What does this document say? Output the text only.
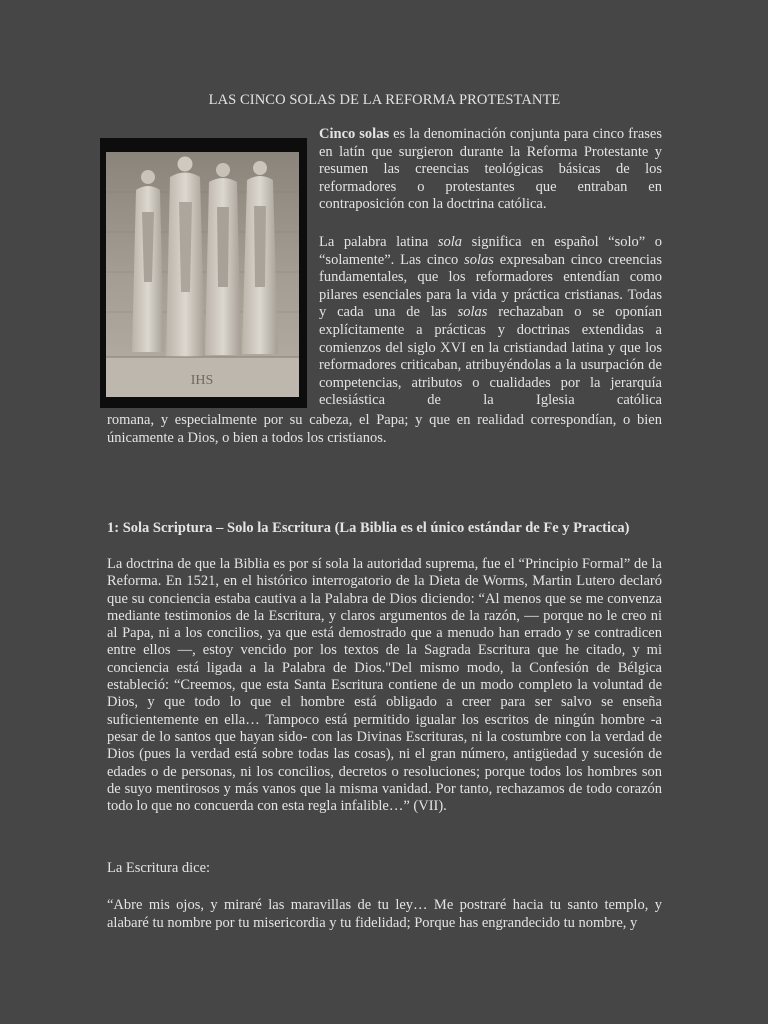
LAS CINCO SOLAS DE LA REFORMA PROTESTANTE
IHS

Cinco solas es la denominación conjunta para cinco frases en latín que surgieron durante la Reforma Protestante y resumen las creencias teológicas básicas de los reformadores o protestantes que entraban en contraposición con la doctrina católica.

La palabra latina sola significa en español “solo” o “solamente”. Las cinco solas expresaban cinco creencias fundamentales, que los reformadores entendían como pilares esenciales para la vida y práctica cristianas. Todas y cada una de las solas rechazaban o se oponían explícitamente a prácticas y doctrinas extendidas a comienzos del siglo XVI en la cristiandad latina y que los reformadores criticaban, atribuyéndolas a la usurpación de competencias, atributos o cualidades por la jerarquía eclesiástica de la Iglesia católica

romana, y especialmente por su cabeza, el Papa; y que en realidad correspondían, o bien únicamente a Dios, o bien a todos los cristianos.

1: Sola Scriptura – Solo la Escritura (La Biblia es el único estándar de Fe y Practica)

La doctrina de que la Biblia es por sí sola la autoridad suprema, fue el “Principio Formal” de la Reforma. En 1521, en el histórico interrogatorio de la Dieta de Worms, Martin Lutero declaró que su conciencia estaba cautiva a la Palabra de Dios diciendo: “Al menos que se me convenza mediante testimonios de la Escritura, y claros argumentos de la razón, — porque no le creo ni al Papa, ni a los concilios, ya que está demostrado que a menudo han errado y se contradicen entre ellos —, estoy vencido por los textos de la Sagrada Escritura que he citado, y mi conciencia está ligada a la Palabra de Dios."Del mismo modo, la Confesión de Bélgica estableció: “Creemos, que esta Santa Escritura contiene de un modo completo la voluntad de Dios, y que todo lo que el hombre está obligado a creer para ser salvo se enseña suficientemente en ella… Tampoco está permitido igualar los escritos de ningún hombre -a pesar de lo santos que hayan sido- con las Divinas Escrituras, ni la costumbre con la verdad de Dios (pues la verdad está sobre todas las cosas), ni el gran número, antigüedad y sucesión de edades o de personas, ni los concilios, decretos o resoluciones; porque todos los hombres son de suyo mentirosos y más vanos que la misma vanidad. Por tanto, rechazamos de todo corazón todo lo que no concuerda con esta regla infalible…” (VII).

La Escritura dice:

“Abre mis ojos, y miraré las maravillas de tu ley… Me postraré hacia tu santo templo, y alabaré tu nombre por tu misericordia y tu fidelidad; Porque has engrandecido tu nombre, y
